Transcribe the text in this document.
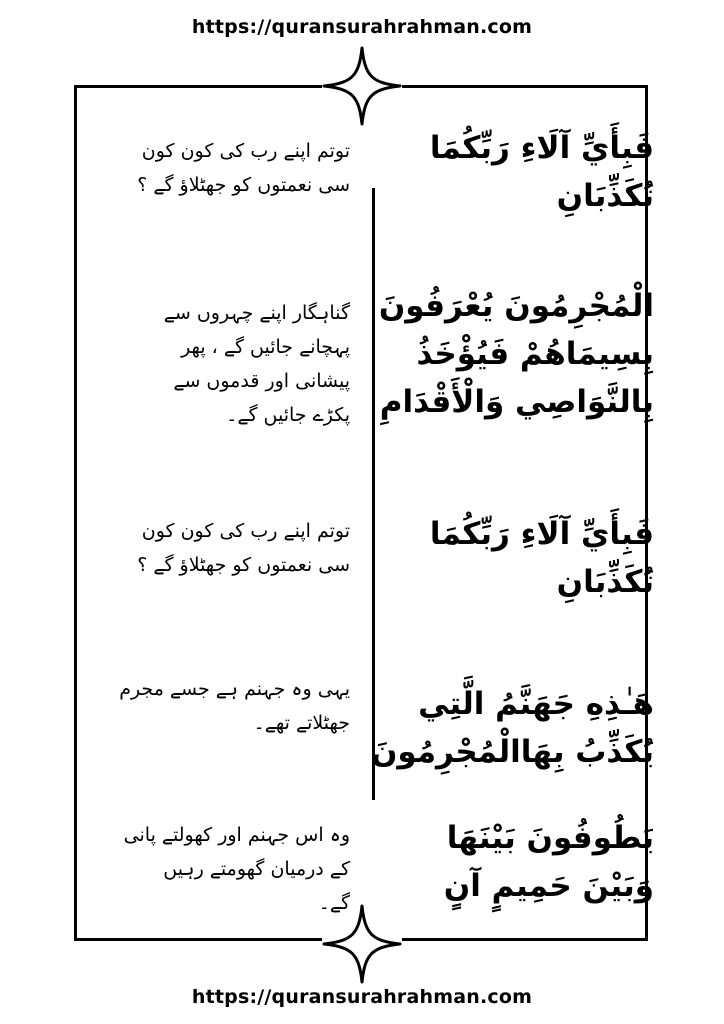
https://quransurahrahman.com
فَبِأَيِّ آلَاءِ رَبِّكُمَا
تُكَذِّبَانِ
توتم اپنے رب کی کون کون
سی نعمتوں کو جھٹلاؤ گے ؟
الْمُجْرِمُونَ يُعْرَفُونَ
بِسِيمَاهُمْ فَيُؤْخَذُ
بِالنَّوَاصِي وَالْأَقْدَامِ
گناہگار اپنے چہروں سے
پہچانے جائیں گے ، پھر
پیشانی اور قدموں سے
پکڑے جائیں گے۔
فَبِأَيِّ آلَاءِ رَبِّكُمَا
تُكَذِّبَانِ
توتم اپنے رب کی کون کون
سی نعمتوں کو جھٹلاؤ گے ؟
هَـٰذِهِ جَهَنَّمُ الَّتِي
يُكَذِّبُ بِهَاالْمُجْرِمُونَ
یہی وہ جہنم ہے جسے مجرم
جھٹلاتے تھے۔
يَطُوفُونَ بَيْنَهَا
وَبَيْنَ حَمِيمٍ آنٍ
وہ اس جہنم اور کھولتے پانی
کے درمیان گھومتے رہیں
گے۔
https://quransurahrahman.com
